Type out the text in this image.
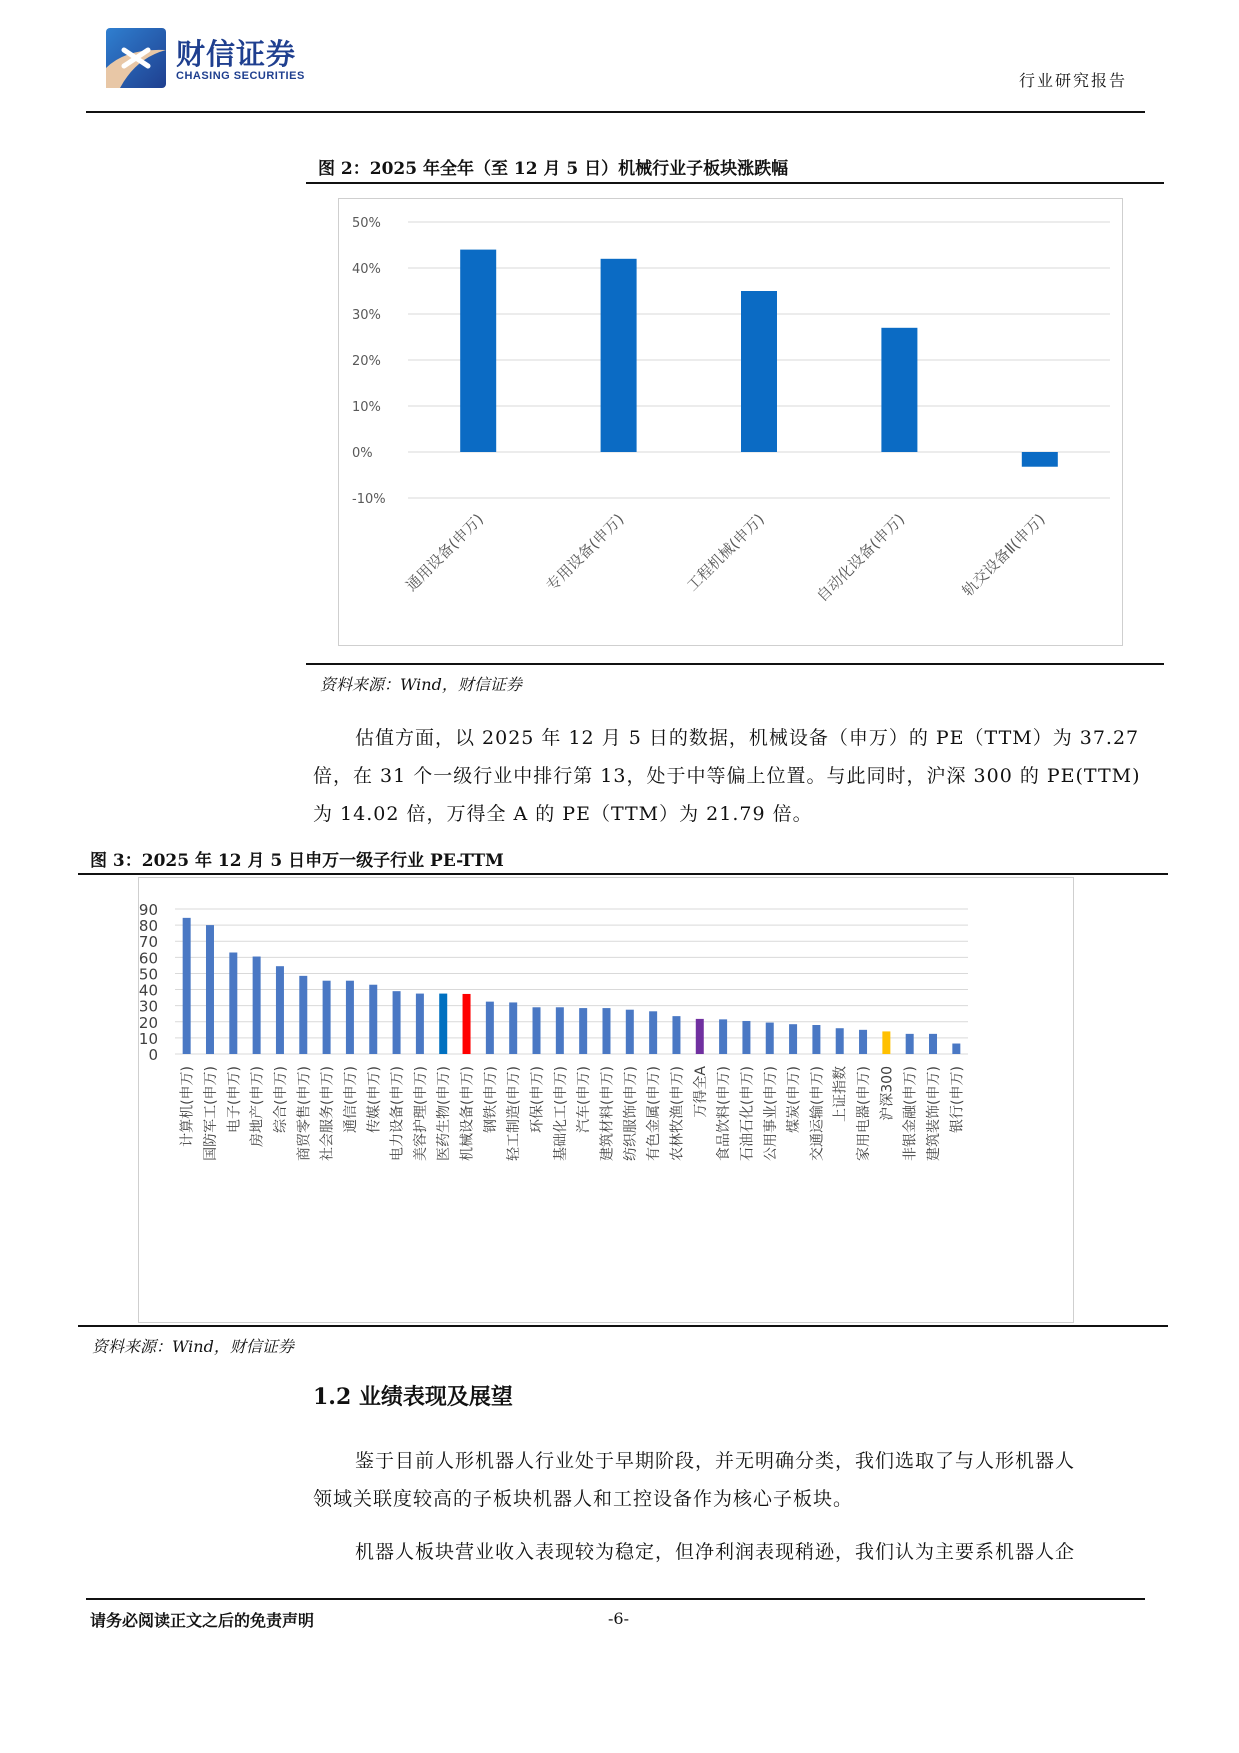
财信证券
CHASING SECURITIES	行业研究报告
图 2：2025 年全年（至 12 月 5 日）机械行业子板块涨跌幅
-10%
0%
10%
20%
30%
40%
50%
通用设备(申万)	专用设备(申万)	工程机械(申万)	自动化设备(申万)	轨交设备Ⅱ(申万)
资料来源：Wind，财信证券
估值方面，以 2025 年 12 月 5 日的数据，机械设备（申万）的 PE（TTM）为 37.27
倍，在 31 个一级行业中排行第 13，处于中等偏上位置。与此同时，沪深 300 的 PE(TTM)
为 14.02 倍，万得全 A 的 PE（TTM）为 21.79 倍。
图 3：2025 年 12 月 5 日申万一级子行业 PE-TTM
0
10
20
30
40
50
60
70
80
90
计算机(申万) 国防军工(申万) 电子(申万) 房地产(申万) 综合(申万) 商贸零售(申万) 社会服务(申万) 通信(申万) 传媒(申万) 电力设备(申万) 美容护理(申万) 医药生物(申万) 机械设备(申万) 钢铁(申万) 轻工制造(申万) 环保(申万) 基础化工(申万) 汽车(申万) 建筑材料(申万) 纺织服饰(申万) 有色金属(申万) 农林牧渔(申万) 万得全A 食品饮料(申万) 石油石化(申万) 公用事业(申万) 煤炭(申万) 交通运输(申万) 上证指数 家用电器(申万) 沪深300 非银金融(申万) 建筑装饰(申万) 银行(申万)
资料来源：Wind，财信证券
1.2 业绩表现及展望
鉴于目前人形机器人行业处于早期阶段，并无明确分类，我们选取了与人形机器人
领域关联度较高的子板块机器人和工控设备作为核心子板块。
机器人板块营业收入表现较为稳定，但净利润表现稍逊，我们认为主要系机器人企
请务必阅读正文之后的免责声明	-6-
